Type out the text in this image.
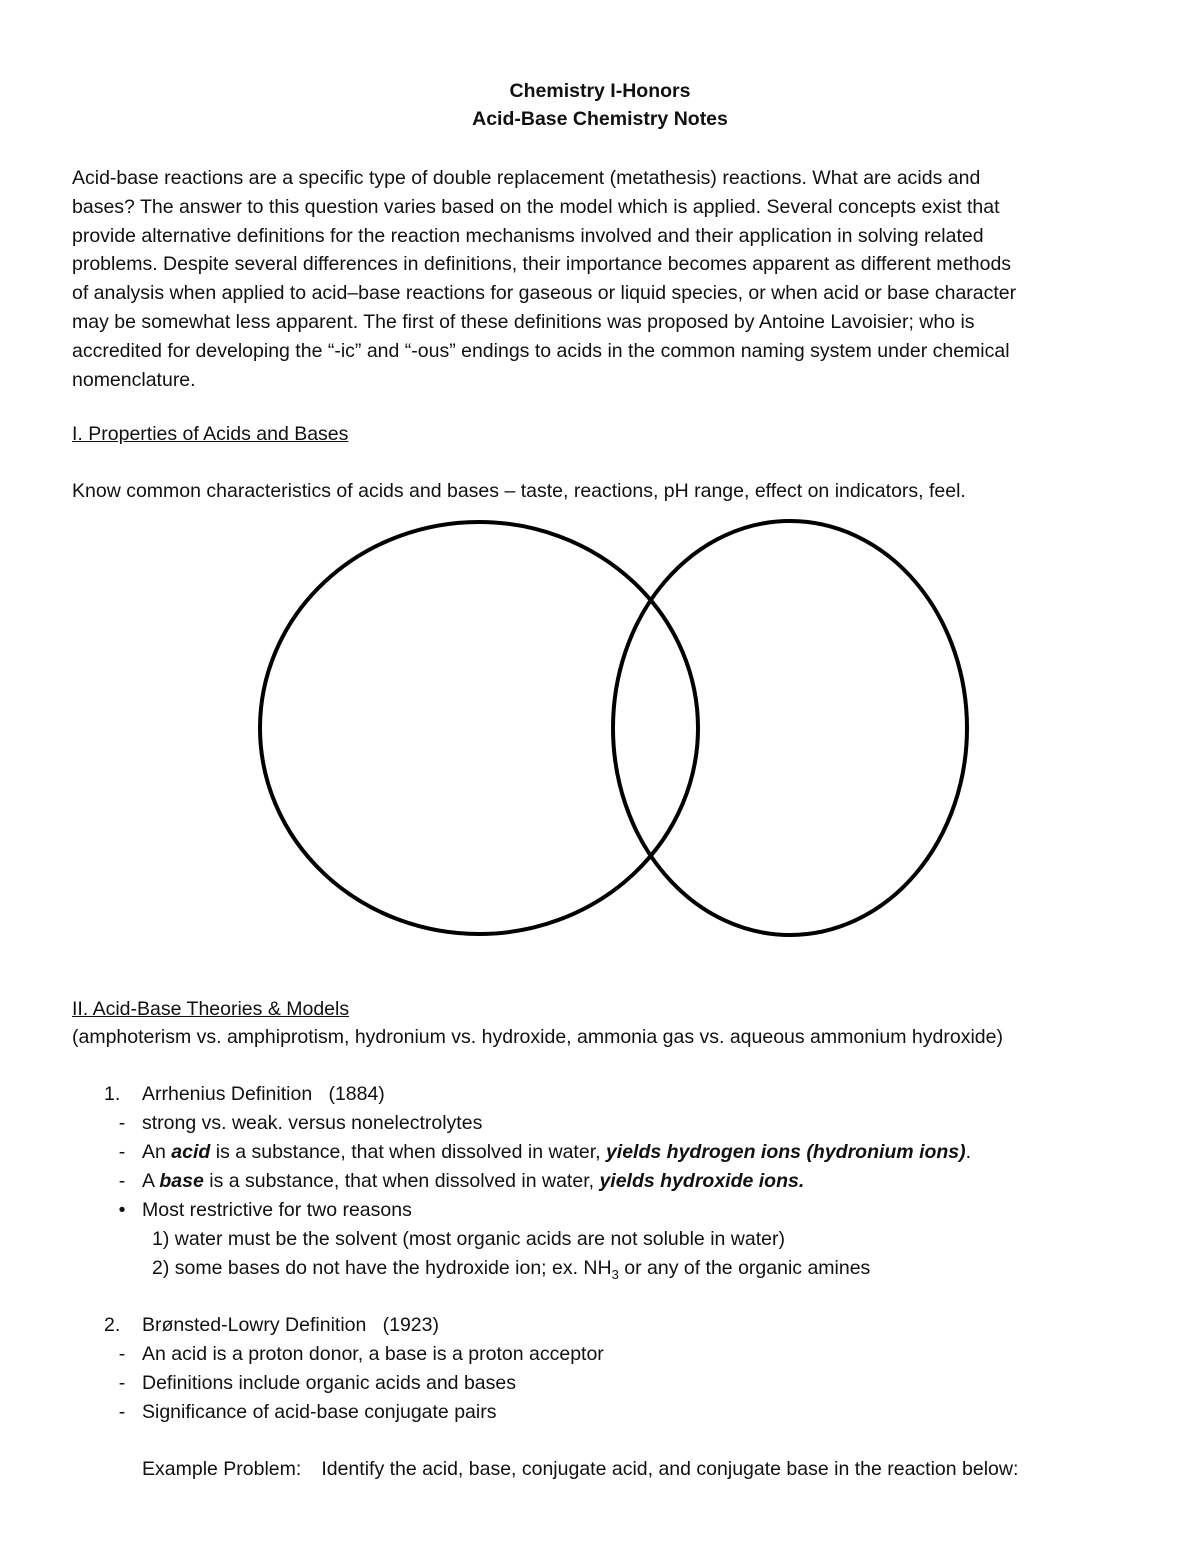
Chemistry I-Honors
Acid-Base Chemistry Notes
Acid-base reactions are a specific type of double replacement (metathesis) reactions. What are acids and
bases? The answer to this question varies based on the model which is applied. Several concepts exist that
provide alternative definitions for the reaction mechanisms involved and their application in solving related
problems. Despite several differences in definitions, their importance becomes apparent as different methods
of analysis when applied to acid–base reactions for gaseous or liquid species, or when acid or base character
may be somewhat less apparent. The first of these definitions was proposed by Antoine Lavoisier; who is
accredited for developing the “-ic” and “-ous” endings to acids in the common naming system under chemical
nomenclature.
I. Properties of Acids and Bases
Know common characteristics of acids and bases – taste, reactions, pH range, effect on indicators, feel.
II. Acid-Base Theories & Models
(amphoterism vs. amphiprotism, hydronium vs. hydroxide, ammonia gas vs. aqueous ammonium hydroxide)
1.	Arrhenius Definition (1884)
- strong vs. weak. versus nonelectrolytes
- An acid is a substance, that when dissolved in water, yields hydrogen ions (hydronium ions).
- A base is a substance, that when dissolved in water, yields hydroxide ions.
• Most restrictive for two reasons
1) water must be the solvent (most organic acids are not soluble in water)
2) some bases do not have the hydroxide ion; ex. $NH_3$ or any of the organic amines
2.	Brønsted-Lowry Definition (1923)
- An acid is a proton donor, a base is a proton acceptor
- Definitions include organic acids and bases
- Significance of acid-base conjugate pairs
Example Problem: Identify the acid, base, conjugate acid, and conjugate base in the reaction below:
